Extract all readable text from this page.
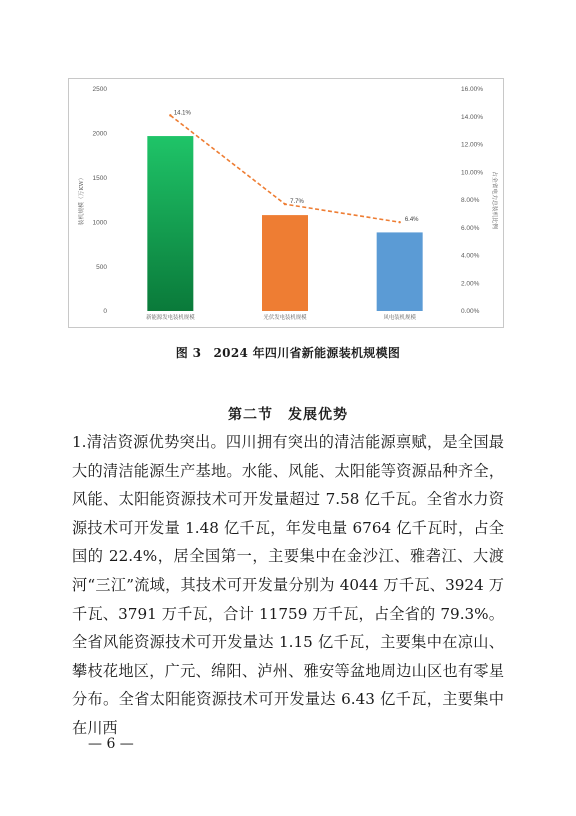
0
500
1000
1500
2000
2500
0.00%
2.00%
4.00%
6.00%
8.00%
10.00%
12.00%
14.00%
16.00%
新能源发电装机规模	光伏发电装机规模	风电装机规模
14.1%
7.7%
6.4%
装机规模（万KW）	占全省电力总装机比例
图 3　2024 年四川省新能源装机规模图
第二节　发展优势

1.清洁资源优势突出。四川拥有突出的清洁能源禀赋，是全国最大的清洁能源生产基地。水能、风能、太阳能等资源品种齐全，风能、太阳能资源技术可开发量超过 7.58 亿千瓦。全省水力资源技术可开发量 1.48 亿千瓦，年发电量 6764 亿千瓦时，占全国的 22.4%，居全国第一，主要集中在金沙江、雅砻江、大渡河“三江”流域，其技术可开发量分别为 4044 万千瓦、3924 万千瓦、3791 万千瓦，合计 11759 万千瓦，占全省的 79.3%。全省风能资源技术可开发量达 1.15 亿千瓦，主要集中在凉山、攀枝花地区，广元、绵阳、泸州、雅安等盆地周边山区也有零星分布。全省太阳能资源技术可开发量达 6.43 亿千瓦，主要集中在川西

— 6 —
